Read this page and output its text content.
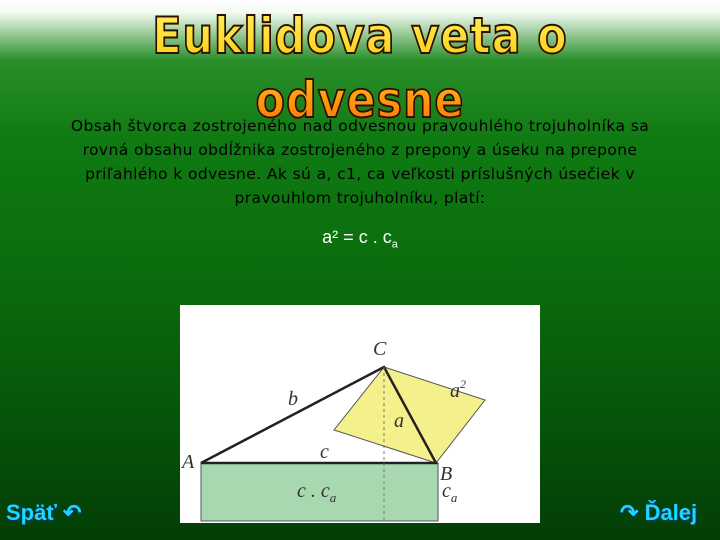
Euklidova veta o odvesne
Obsah štvorca zostrojeného nad odvesnou pravouhlého trojuholníka sa
rovná obsahu obdĺžnika zostrojeného z prepony a úseku na prepone
priľahlého k odvesne. Ak sú a, c1, ca veľkosti príslušných úsečiek v
pravouhlom trojuholníku, platí:
a² = c . $c_a$
C
A
B
b
a
c
$a^2$
c . $c_a$	$c_a$
Späť ↶	↷ Ďalej
